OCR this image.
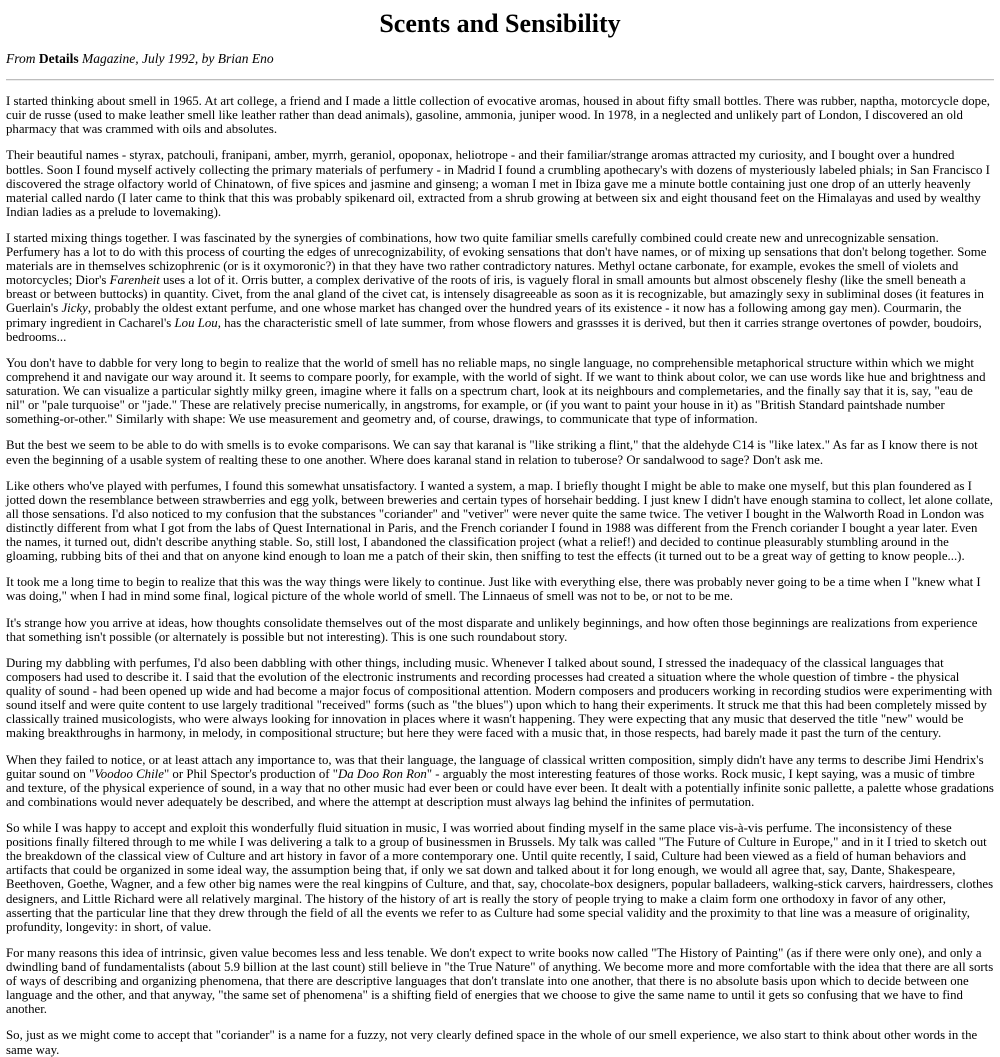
Scents and Sensibility
From Details Magazine, July 1992, by Brian Eno

I started thinking about smell in 1965. At art college, a friend and I made a little collection of evocative aromas, housed in about fifty small bottles. There was rubber, naptha, motorcycle dope, cuir de russe (used to make leather smell like leather rather than dead animals), gasoline, ammonia, juniper wood. In 1978, in a neglected and unlikely part of London, I discovered an old pharmacy that was crammed with oils and absolutes.

Their beautiful names - styrax, patchouli, franipani, amber, myrrh, geraniol, opoponax, heliotrope - and their familiar/strange aromas attracted my curiosity, and I bought over a hundred bottles. Soon I found myself actively collecting the primary materials of perfumery - in Madrid I found a crumbling apothecary's with dozens of mysteriously labeled phials; in San Francisco I discovered the strage olfactory world of Chinatown, of five spices and jasmine and ginseng; a woman I met in Ibiza gave me a minute bottle containing just one drop of an utterly heavenly material called nardo (I later came to think that this was probably spikenard oil, extracted from a shrub growing at between six and eight thousand feet on the Himalayas and used by wealthy Indian ladies as a prelude to lovemaking).

I started mixing things together. I was fascinated by the synergies of combinations, how two quite familiar smells carefully combined could create new and unrecognizable sensation. Perfumery has a lot to do with this process of courting the edges of unrecognizability, of evoking sensations that don't have names, or of mixing up sensations that don't belong together. Some materials are in themselves schizophrenic (or is it oxymoronic?) in that they have two rather contradictory natures. Methyl octane carbonate, for example, evokes the smell of violets and motorcycles; Dior's Farenheit uses a lot of it. Orris butter, a complex derivative of the roots of iris, is vaguely floral in small amounts but almost obscenely fleshy (like the smell beneath a breast or between buttocks) in quantity. Civet, from the anal gland of the civet cat, is intensely disagreeable as soon as it is recognizable, but amazingly sexy in subliminal doses (it features in Guerlain's Jicky, probably the oldest extant perfume, and one whose market has changed over the hundred years of its existence - it now has a following among gay men). Courmarin, the primary ingredient in Cacharel's Lou Lou, has the characteristic smell of late summer, from whose flowers and grassses it is derived, but then it carries strange overtones of powder, boudoirs, bedrooms...

You don't have to dabble for very long to begin to realize that the world of smell has no reliable maps, no single language, no comprehensible metaphorical structure within which we might comprehend it and navigate our way around it. It seems to compare poorly, for example, with the world of sight. If we want to think about color, we can use words like hue and brightness and saturation. We can visualize a particular sightly milky green, imagine where it falls on a spectrum chart, look at its neighbours and complemetaries, and the finally say that it is, say, "eau de nil" or "pale turquoise" or "jade." These are relatively precise numerically, in angstroms, for example, or (if you want to paint your house in it) as "British Standard paintshade number something-or-other." Similarly with shape: We use measurement and geometry and, of course, drawings, to communicate that type of information.

But the best we seem to be able to do with smells is to evoke comparisons. We can say that karanal is "like striking a flint," that the aldehyde C14 is "like latex." As far as I know there is not even the beginning of a usable system of realting these to one another. Where does karanal stand in relation to tuberose? Or sandalwood to sage? Don't ask me.

Like others who've played with perfumes, I found this somewhat unsatisfactory. I wanted a system, a map. I briefly thought I might be able to make one myself, but this plan foundered as I jotted down the resemblance between strawberries and egg yolk, between breweries and certain types of horsehair bedding. I just knew I didn't have enough stamina to collect, let alone collate, all those sensations. I'd also noticed to my confusion that the substances "coriander" and "vetiver" were never quite the same twice. The vetiver I bought in the Walworth Road in London was distinctly different from what I got from the labs of Quest International in Paris, and the French coriander I found in 1988 was different from the French coriander I bought a year later. Even the names, it turned out, didn't describe anything stable. So, still lost, I abandoned the classification project (what a relief!) and decided to continue pleasurably stumbling around in the gloaming, rubbing bits of thei and that on anyone kind enough to loan me a patch of their skin, then sniffing to test the effects (it turned out to be a great way of getting to know people...).

It took me a long time to begin to realize that this was the way things were likely to continue. Just like with everything else, there was probably never going to be a time when I "knew what I was doing," when I had in mind some final, logical picture of the whole world of smell. The Linnaeus of smell was not to be, or not to be me.

It's strange how you arrive at ideas, how thoughts consolidate themselves out of the most disparate and unlikely beginnings, and how often those beginnings are realizations from experience that something isn't possible (or alternately is possible but not interesting). This is one such roundabout story.

During my dabbling with perfumes, I'd also been dabbling with other things, including music. Whenever I talked about sound, I stressed the inadequacy of the classical languages that composers had used to describe it. I said that the evolution of the electronic instruments and recording processes had created a situation where the whole question of timbre - the physical quality of sound - had been opened up wide and had become a major focus of compositional attention. Modern composers and producers working in recording studios were experimenting with sound itself and were quite content to use largely traditional "received" forms (such as "the blues") upon which to hang their experiments. It struck me that this had been completely missed by classically trained musicologists, who were always looking for innovation in places where it wasn't happening. They were expecting that any music that deserved the title "new" would be making breakthroughs in harmony, in melody, in compositional structure; but here they were faced with a music that, in those respects, had barely made it past the turn of the century.

When they failed to notice, or at least attach any importance to, was that their language, the language of classical written composition, simply didn't have any terms to describe Jimi Hendrix's guitar sound on "Voodoo Chile" or Phil Spector's production of "Da Doo Ron Ron" - arguably the most interesting features of those works. Rock music, I kept saying, was a music of timbre and texture, of the physical experience of sound, in a way that no other music had ever been or could have ever been. It dealt with a potentially infinite sonic pallette, a palette whose gradations and combinations would never adequately be described, and where the attempt at description must always lag behind the infinites of permutation.

So while I was happy to accept and exploit this wonderfully fluid situation in music, I was worried about finding myself in the same place vis-à-vis perfume. The inconsistency of these positions finally filtered through to me while I was delivering a talk to a group of businessmen in Brussels. My talk was called "The Future of Culture in Europe," and in it I tried to sketch out the breakdown of the classical view of Culture and art history in favor of a more contemporary one. Until quite recently, I said, Culture had been viewed as a field of human behaviors and artifacts that could be organized in some ideal way, the assumption being that, if only we sat down and talked about it for long enough, we would all agree that, say, Dante, Shakespeare, Beethoven, Goethe, Wagner, and a few other big names were the real kingpins of Culture, and that, say, chocolate-box designers, popular balladeers, walking-stick carvers, hairdressers, clothes designers, and Little Richard were all relatively marginal. The history of the history of art is really the story of people trying to make a claim form one orthodoxy in favor of any other, asserting that the particular line that they drew through the field of all the events we refer to as Culture had some special validity and the proximity to that line was a measure of originality, profundity, longevity: in short, of value.

For many reasons this idea of intrinsic, given value becomes less and less tenable. We don't expect to write books now called "The History of Painting" (as if there were only one), and only a dwindling band of fundamentalists (about 5.9 billion at the last count) still believe in "the True Nature" of anything. We become more and more comfortable with the idea that there are all sorts of ways of describing and organizing phenomena, that there are descriptive languages that don't translate into one another, that there is no absolute basis upon which to decide between one language and the other, and that anyway, "the same set of phenomena" is a shifting field of energies that we choose to give the same name to until it gets so confusing that we have to find another.

So, just as we might come to accept that "coriander" is a name for a fuzzy, not very clearly defined space in the whole of our smell experience, we also start to think about other words in the same way.
